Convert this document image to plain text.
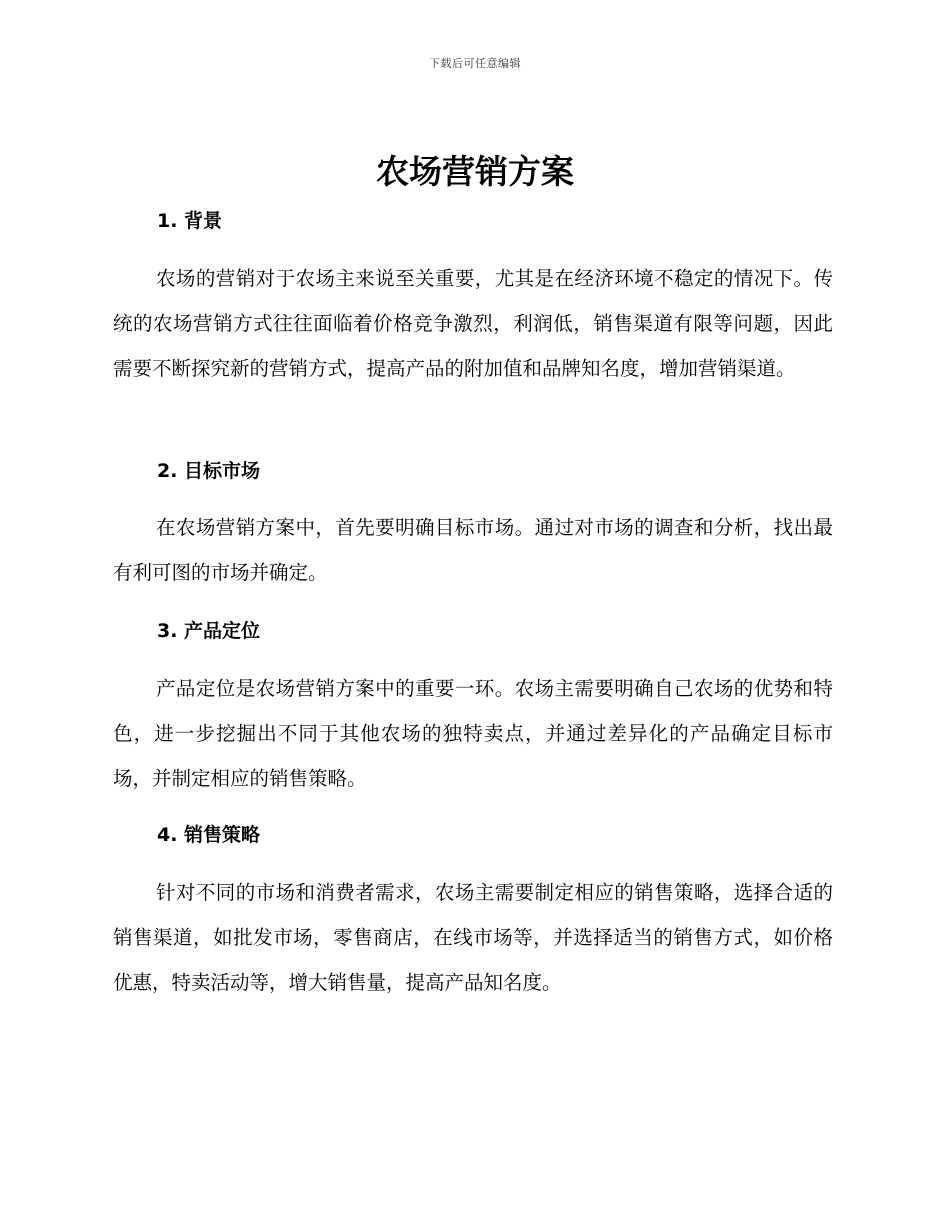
下载后可任意编辑
农场营销方案
1. 背景

农场的营销对于农场主来说至关重要，尤其是在经济环境不稳定的情况下。传统的农场营销方式往往面临着价格竞争激烈，利润低，销售渠道有限等问题，因此需要不断探究新的营销方式，提高产品的附加值和品牌知名度，增加营销渠道。

2. 目标市场

在农场营销方案中，首先要明确目标市场。通过对市场的调查和分析，找出最有利可图的市场并确定。

3. 产品定位

产品定位是农场营销方案中的重要一环。农场主需要明确自己农场的优势和特色，进一步挖掘出不同于其他农场的独特卖点，并通过差异化的产品确定目标市场，并制定相应的销售策略。

4. 销售策略

针对不同的市场和消费者需求，农场主需要制定相应的销售策略，选择合适的销售渠道，如批发市场，零售商店，在线市场等，并选择适当的销售方式，如价格优惠，特卖活动等，增大销售量，提高产品知名度。
